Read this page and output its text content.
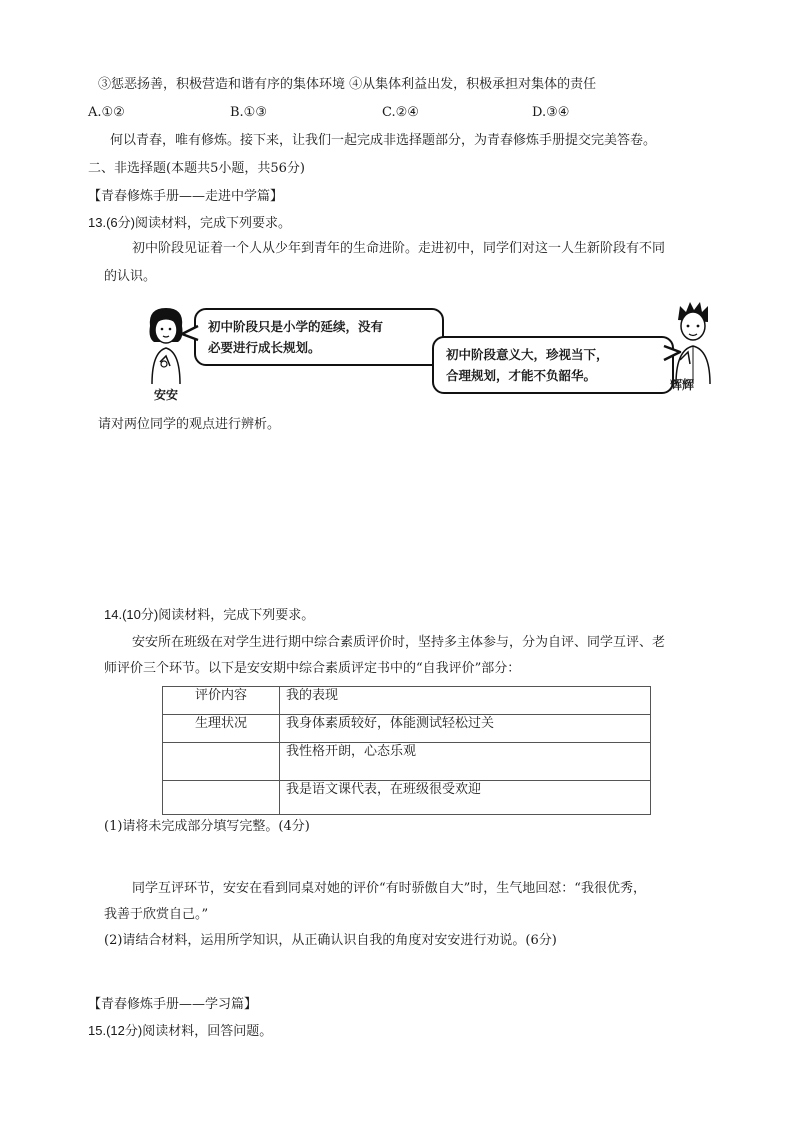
③惩恶扬善，积极营造和谐有序的集体环境 ④从集体利益出发，积极承担对集体的责任
A.①②	B.①③	C.②④	D.③④
何以青春，唯有修炼。接下来，让我们一起完成非选择题部分，为青春修炼手册提交完美答卷。
二、非选择题(本题共5小题，共56分)
【青春修炼手册——走进中学篇】
13.(6分)阅读材料，完成下列要求。
初中阶段见证着一个人从少年到青年的生命进阶。走进初中，同学们对这一人生新阶段有不同
的认识。
安安
初中阶段只是小学的延续，没有
必要进行成长规划。	初中阶段意义大，珍视当下，
合理规划，才能不负韶华。
辉辉
请对两位同学的观点进行辨析。
14.(10分)阅读材料，完成下列要求。
安安所在班级在对学生进行期中综合素质评价时，坚持多主体参与，分为自评、同学互评、老
师评价三个环节。以下是安安期中综合素质评定书中的“自我评价”部分：
评价内容	我的表现
生理状况	我身体素质较好，体能测试轻松过关
	我性格开朗，心态乐观
	我是语文课代表，在班级很受欢迎
(1)请将未完成部分填写完整。(4分)
同学互评环节，安安在看到同桌对她的评价“有时骄傲自大”时，生气地回怼：“我很优秀，
我善于欣赏自己。”
(2)请结合材料，运用所学知识，从正确认识自我的角度对安安进行劝说。(6分)
【青春修炼手册——学习篇】
15.(12分)阅读材料，回答问题。
